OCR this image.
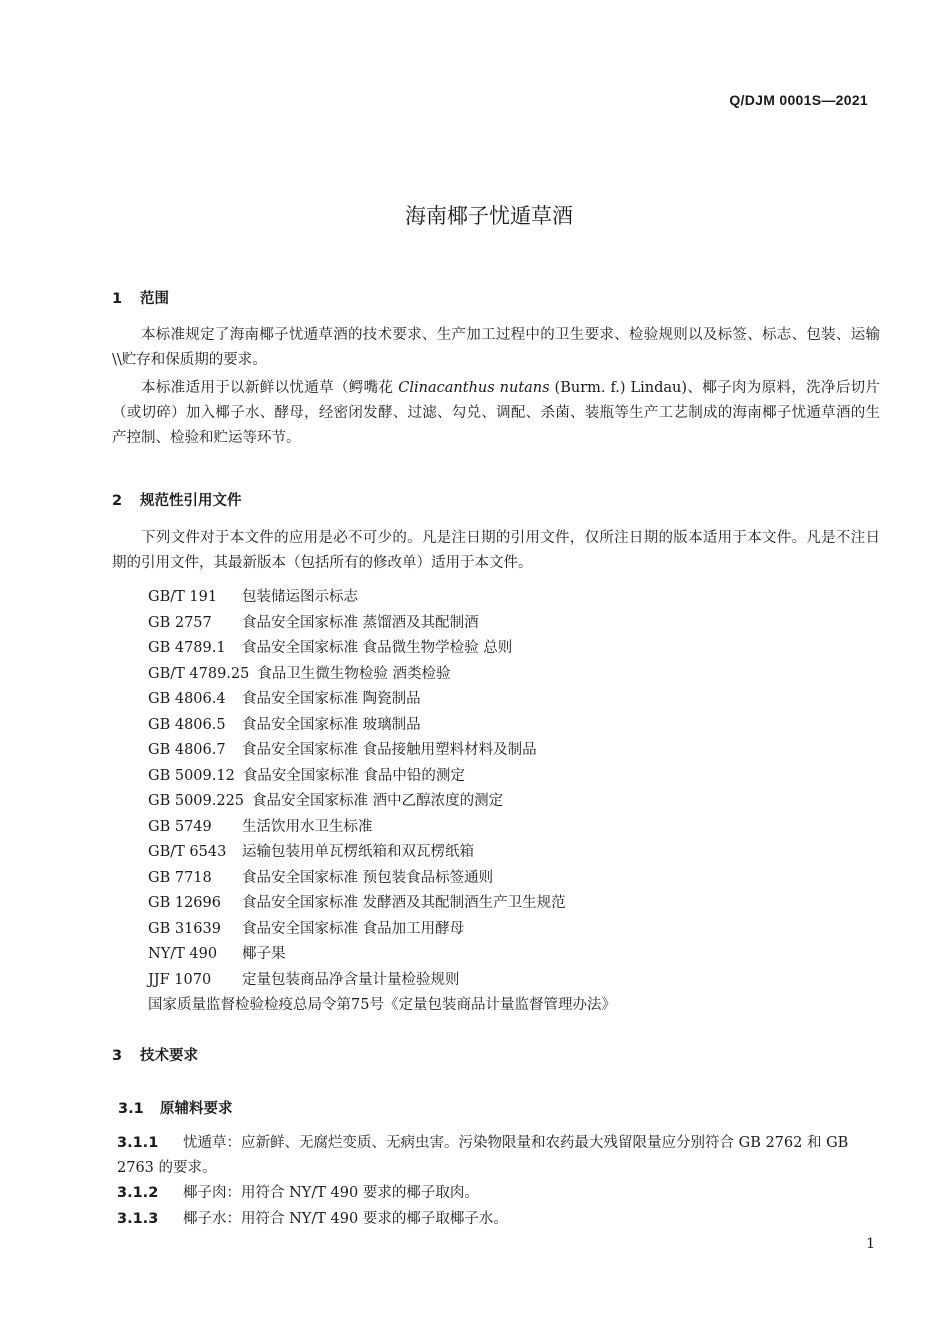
Q/DJM 0001S—2021
海南椰子忧遁草酒
1 范围
本标准规定了海南椰子忧遁草酒的技术要求、生产加工过程中的卫生要求、检验规则以及标签、标志、包装、运输\\贮存和保质期的要求。
本标准适用于以新鲜以忧遁草（鳄嘴花 Clinacanthus nutans (Burm. f.) Lindau)、椰子肉为原料，洗净后切片（或切碎）加入椰子水、酵母，经密闭发酵、过滤、勾兑、调配、杀菌、装瓶等生产工艺制成的海南椰子忧遁草酒的生产控制、检验和贮运等环节。
2 规范性引用文件
下列文件对于本文件的应用是必不可少的。凡是注日期的引用文件，仅所注日期的版本适用于本文件。凡是不注日期的引用文件，其最新版本（包括所有的修改单）适用于本文件。
GB/T 191 包装储运图示标志
GB 2757 食品安全国家标准 蒸馏酒及其配制酒
GB 4789.1 食品安全国家标准 食品微生物学检验 总则
GB/T 4789.25 食品卫生微生物检验 酒类检验
GB 4806.4 食品安全国家标准 陶瓷制品
GB 4806.5 食品安全国家标准 玻璃制品
GB 4806.7 食品安全国家标准 食品接触用塑料材料及制品
GB 5009.12 食品安全国家标准 食品中铅的测定
GB 5009.225 食品安全国家标准 酒中乙醇浓度的测定
GB 5749 生活饮用水卫生标准
GB/T 6543 运输包装用单瓦楞纸箱和双瓦楞纸箱
GB 7718 食品安全国家标准 预包装食品标签通则
GB 12696 食品安全国家标准 发酵酒及其配制酒生产卫生规范
GB 31639 食品安全国家标准 食品加工用酵母
NY/T 490 椰子果
JJF 1070 定量包装商品净含量计量检验规则
国家质量监督检验检疫总局令第75号《定量包装商品计量监督管理办法》
3 技术要求
3.1 原辅料要求
3.1.1 忧遁草：应新鲜、无腐烂变质、无病虫害。污染物限量和农药最大残留限量应分别符合 GB 2762 和 GB 2763 的要求。
3.1.2 椰子肉：用符合 NY/T 490 要求的椰子取肉。
3.1.3 椰子水：用符合 NY/T 490 要求的椰子取椰子水。
1
